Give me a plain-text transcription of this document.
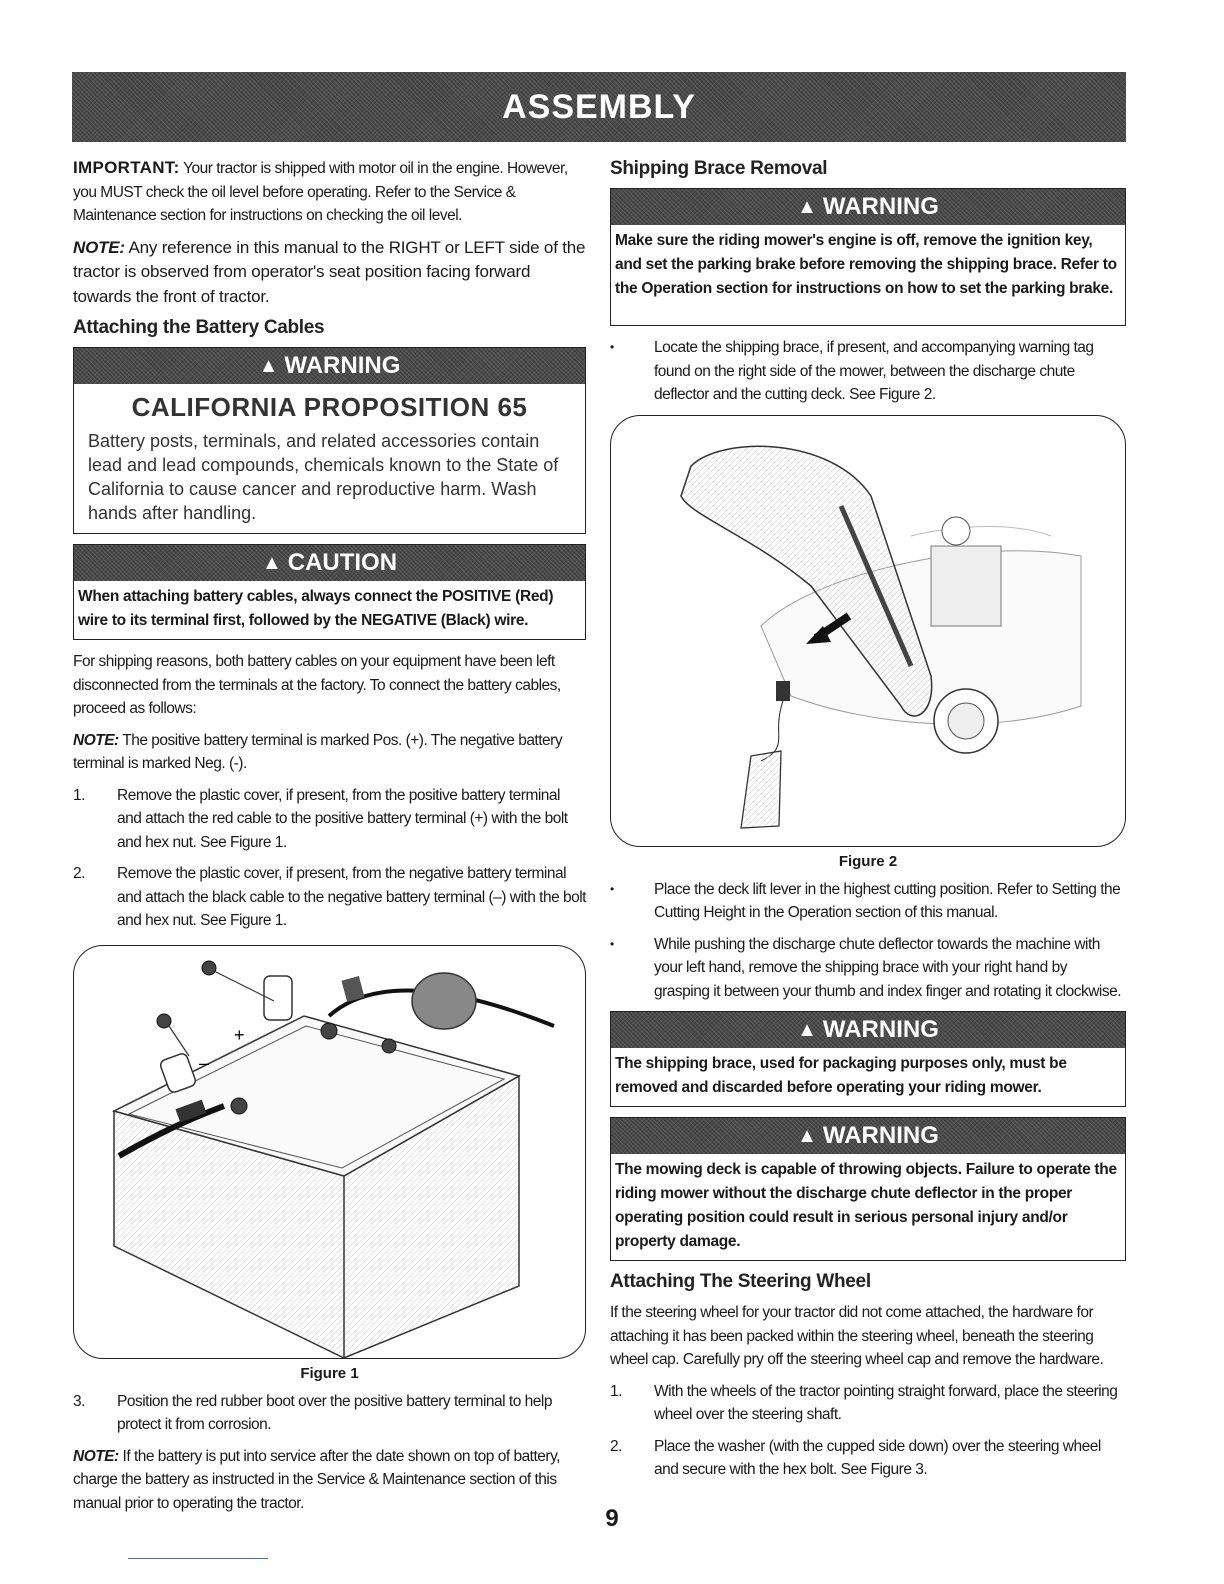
ASSEMBLY

IMPORTANT: Your tractor is shipped with motor oil in the engine. However, you MUST check the oil level before operating. Refer to the Service & Maintenance section for instructions on checking the oil level.

NOTE: Any reference in this manual to the RIGHT or LEFT side of the tractor is observed from operator's seat position facing forward towards the front of tractor.

Attaching the Battery Cables
▲ WARNING
CALIFORNIA PROPOSITION 65
Battery posts, terminals, and related accessories contain lead and lead compounds, chemicals known to the State of California to cause cancer and reproductive harm. Wash hands after handling.
▲ CAUTION
When attaching battery cables, always connect the POSITIVE (Red) wire to its terminal first, followed by the NEGATIVE (Black) wire.

For shipping reasons, both battery cables on your equipment have been left disconnected from the terminals at the factory. To connect the battery cables, proceed as follows:

NOTE: The positive battery terminal is marked Pos. (+). The negative battery terminal is marked Neg. (-).

1. Remove the plastic cover, if present, from the positive battery terminal and attach the red cable to the positive battery terminal (+) with the bolt and hex nut. See Figure 1.
2. Remove the plastic cover, if present, from the negative battery terminal and attach the black cable to the negative battery terminal (–) with the bolt and hex nut. See Figure 1.
+
–
Figure 1
3. Position the red rubber boot over the positive battery terminal to help protect it from corrosion.

NOTE: If the battery is put into service after the date shown on top of battery, charge the battery as instructed in the Service & Maintenance section of this manual prior to operating the tractor.

Shipping Brace Removal
▲ WARNING
Make sure the riding mower's engine is off, remove the ignition key, and set the parking brake before removing the shipping brace. Refer to the Operation section for instructions on how to set the parking brake.
• Locate the shipping brace, if present, and accompanying warning tag found on the right side of the mower, between the discharge chute deflector and the cutting deck. See Figure 2.
Figure 2
• Place the deck lift lever in the highest cutting position. Refer to Setting the Cutting Height in the Operation section of this manual.
• While pushing the discharge chute deflector towards the machine with your left hand, remove the shipping brace with your right hand by grasping it between your thumb and index finger and rotating it clockwise.
▲ WARNING
The shipping brace, used for packaging purposes only, must be removed and discarded before operating your riding mower.
▲ WARNING
The mowing deck is capable of throwing objects. Failure to operate the riding mower without the discharge chute deflector in the proper operating position could result in serious personal injury and/or property damage.
Attaching The Steering Wheel

If the steering wheel for your tractor did not come attached, the hardware for attaching it has been packed within the steering wheel, beneath the steering wheel cap. Carefully pry off the steering wheel cap and remove the hardware.

1. With the wheels of the tractor pointing straight forward, place the steering wheel over the steering shaft.
2. Place the washer (with the cupped side down) over the steering wheel and secure with the hex bolt. See Figure 3.
9
